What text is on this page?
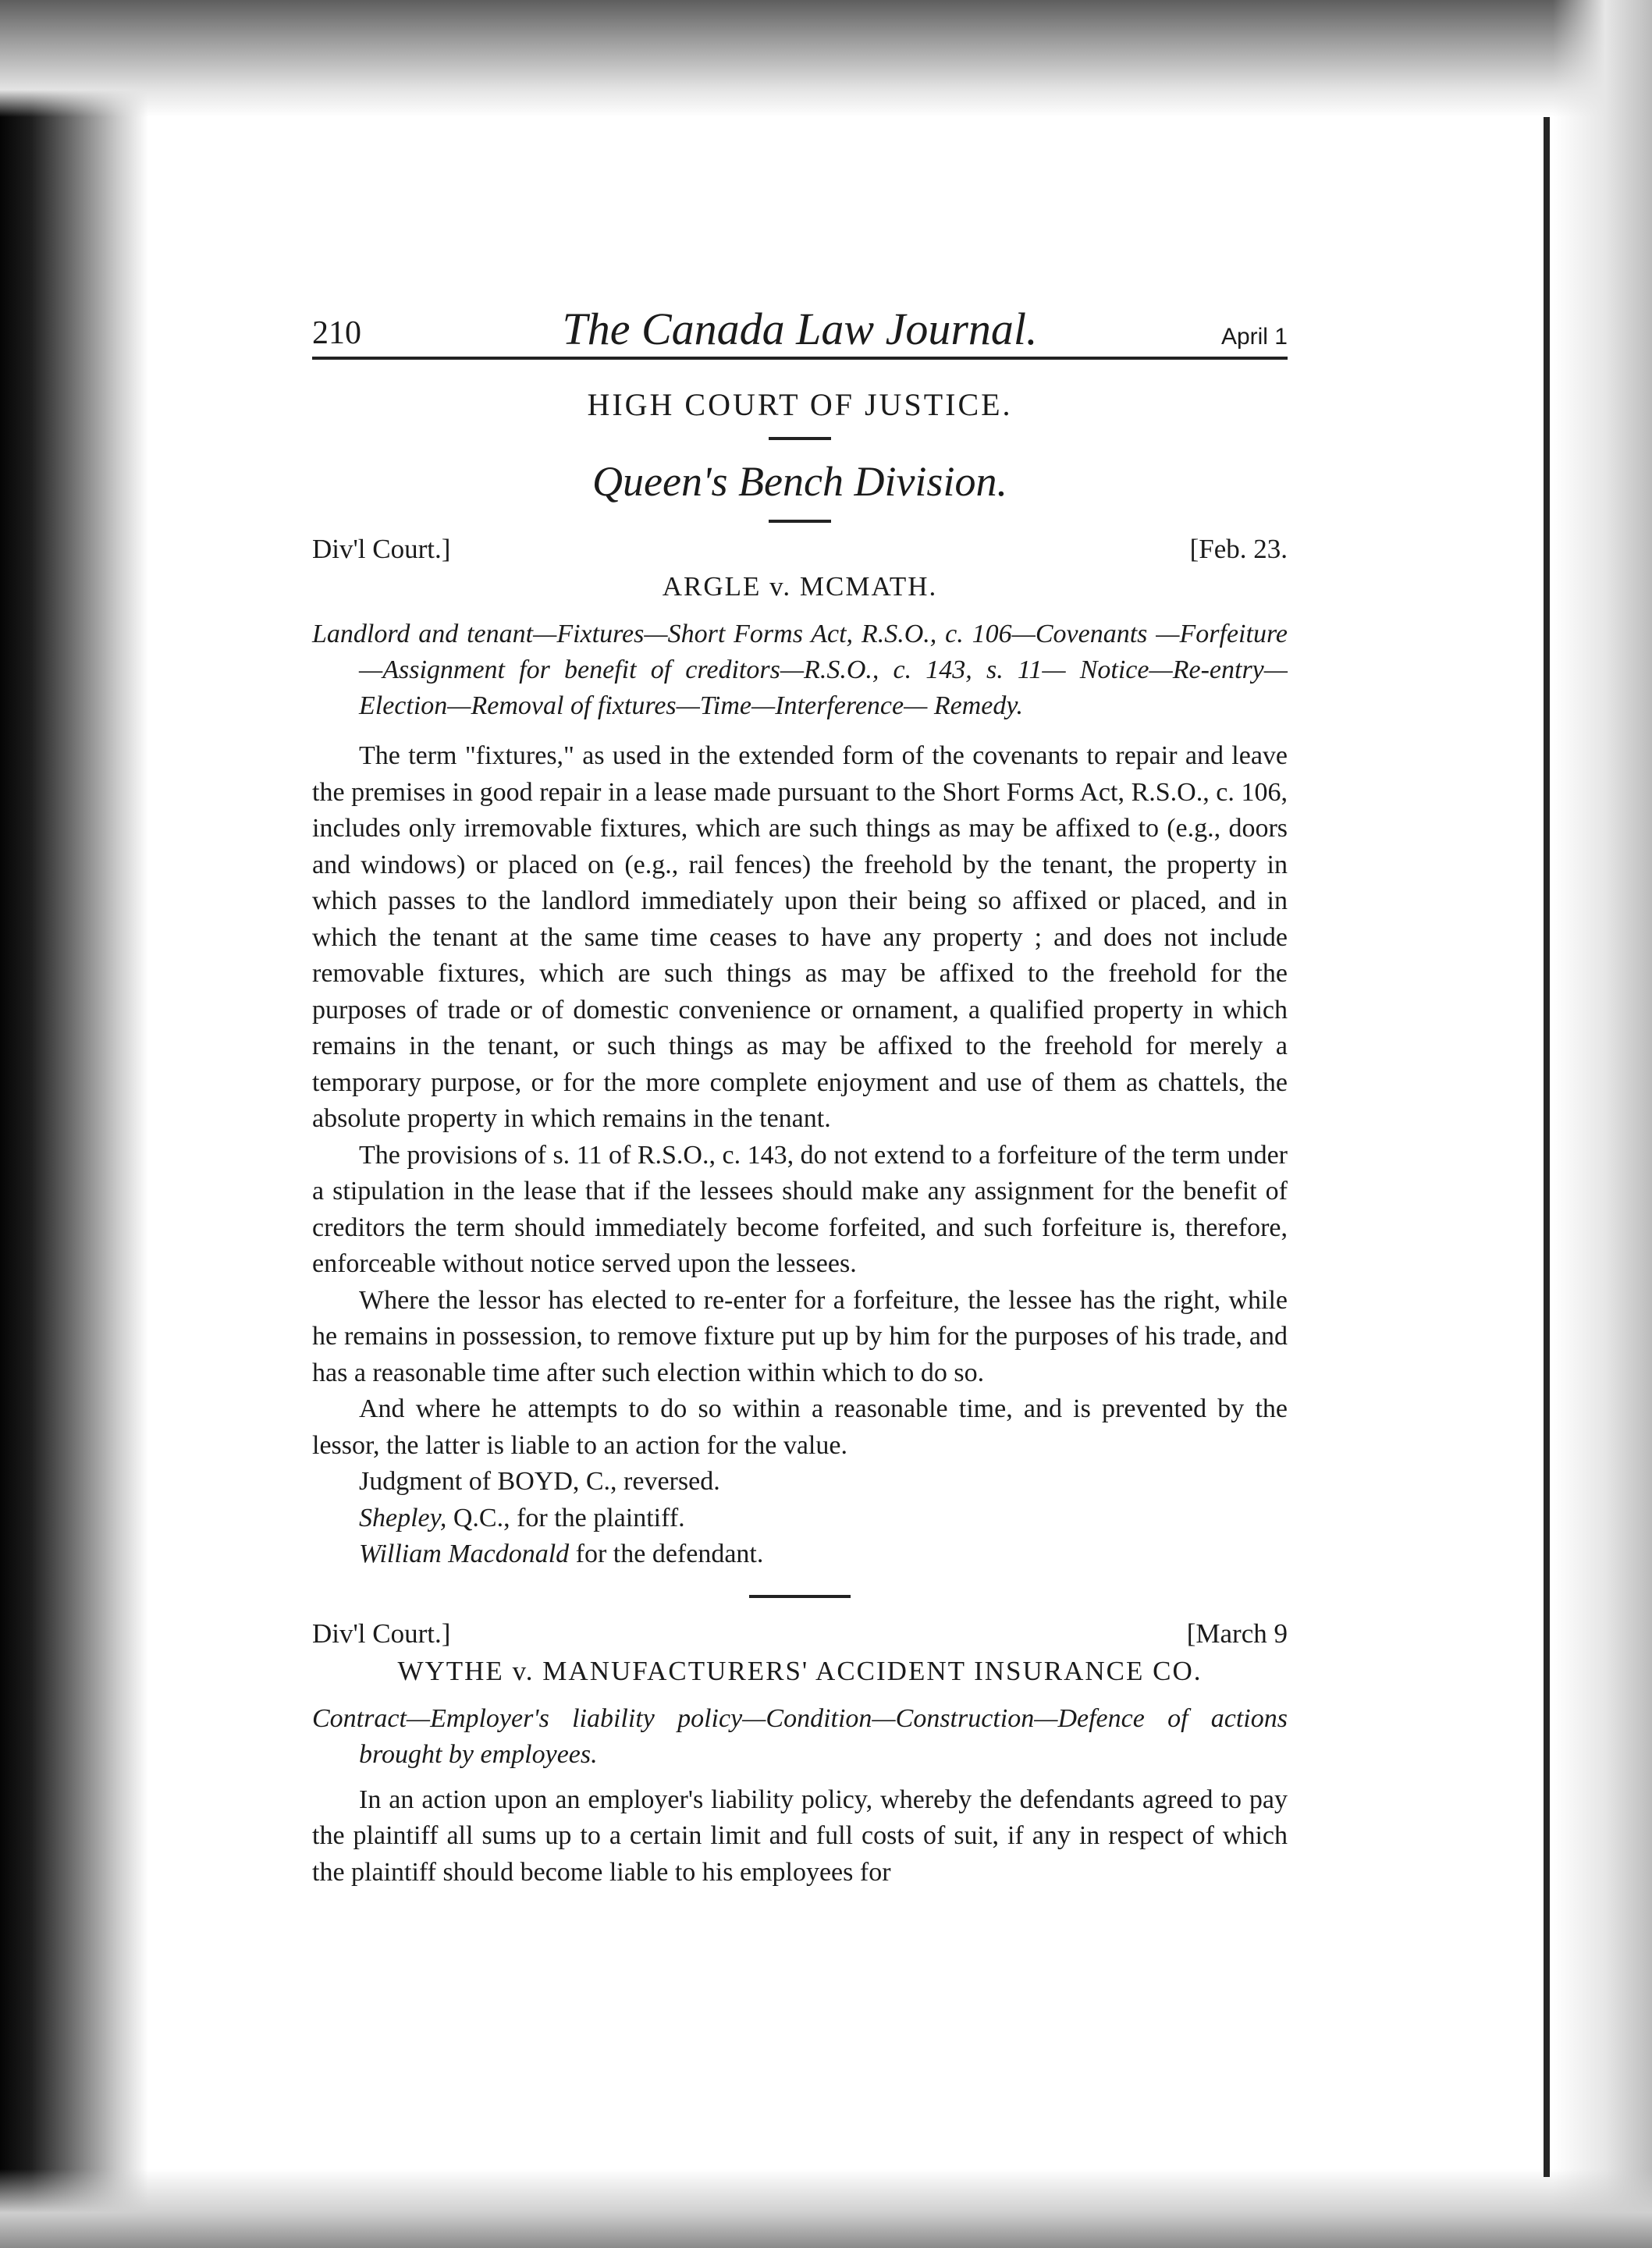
210	The Canada Law Journal.	April 1
HIGH COURT OF JUSTICE.
Queen's Bench Division.
Div'l Court.]	[Feb. 23.
ARGLE v. MCMATH.
Landlord and tenant—Fixtures—Short Forms Act, R.S.O., c. 106—Covenants —Forfeiture—Assignment for benefit of creditors—R.S.O., c. 143, s. 11— Notice—Re-entry—Election—Removal of fixtures—Time—Interference— Remedy.

The term "fixtures," as used in the extended form of the covenants to repair and leave the premises in good repair in a lease made pursuant to the Short Forms Act, R.S.O., c. 106, includes only irremovable fixtures, which are such things as may be affixed to (e.g., doors and windows) or placed on (e.g., rail fences) the freehold by the tenant, the property in which passes to the landlord immediately upon their being so affixed or placed, and in which the tenant at the same time ceases to have any property ; and does not include removable fixtures, which are such things as may be affixed to the freehold for the purposes of trade or of domestic convenience or ornament, a qualified property in which remains in the tenant, or such things as may be affixed to the freehold for merely a temporary purpose, or for the more complete enjoyment and use of them as chattels, the absolute property in which remains in the tenant.

The provisions of s. 11 of R.S.O., c. 143, do not extend to a forfeiture of the term under a stipulation in the lease that if the lessees should make any assignment for the benefit of creditors the term should immediately become forfeited, and such forfeiture is, therefore, enforceable without notice served upon the lessees.

Where the lessor has elected to re-enter for a forfeiture, the lessee has the right, while he remains in possession, to remove fixture put up by him for the purposes of his trade, and has a reasonable time after such election within which to do so.

And where he attempts to do so within a reasonable time, and is prevented by the lessor, the latter is liable to an action for the value.

Judgment of BOYD, C., reversed.
Shepley, Q.C., for the plaintiff.
William Macdonald for the defendant.
Div'l Court.]	[March 9
WYTHE v. MANUFACTURERS' ACCIDENT INSURANCE CO.
Contract—Employer's liability policy—Condition—Construction—Defence of actions brought by employees.

In an action upon an employer's liability policy, whereby the defendants agreed to pay the plaintiff all sums up to a certain limit and full costs of suit, if any in respect of which the plaintiff should become liable to his employees for
